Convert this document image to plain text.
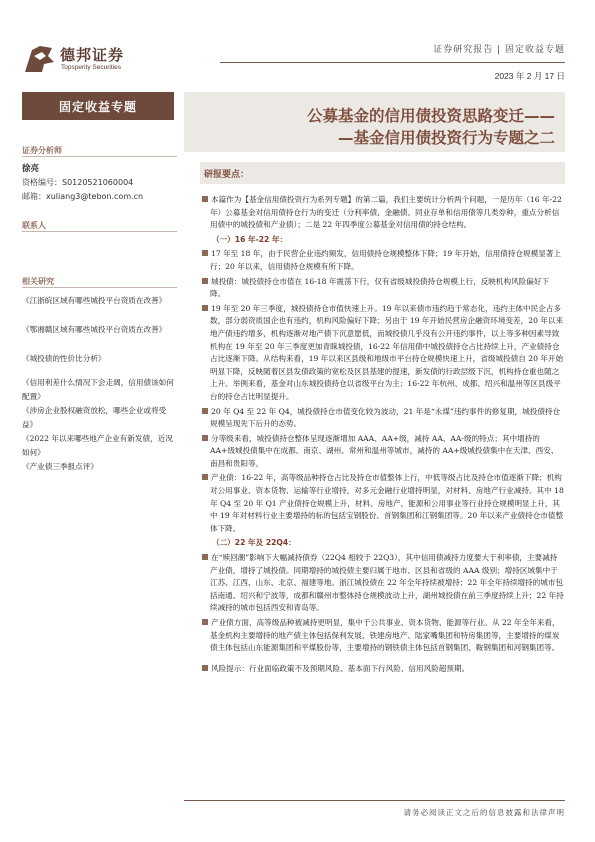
德邦证券
Topsperity Securities
证券研究报告 | 固定收益专题
2023 年 2 月 17 日
固定收益专题
证券分析师
徐亮
资格编号：S0120521060004
邮箱：xuliang3@tebon.com.cn
联系人
相关研究
《江浙皖区域有哪些城投平台资质在改善》
《鄂湘赣区域有哪些城投平台资质在改善》
《城投债的性价比分析》
《信用利差什么情况下会走阔，信用债该如何配置》
《涉房企业股权融资放松，哪些企业或将受益》
《2022 年以来哪些地产企业有新发债，近况如何》
《产业债三季报点评》
公募基金的信用债投资思路变迁——
—基金信用债投资行为专题之二
研报要点：

本篇作为【基金信用债投资行为系列专题】的第二篇，我们主要统计分析两个问题，一是历年（16 年-22 年）公募基金对信用债持仓行为的变迁（分利率债、金融债、同业存单和信用债等几类券种，重点分析信用债中的城投债和产业债）；二是 22 年四季度公募基金对信用债的持仓结构。

（一）16 年-22 年：

17 年至 18 年，由于民营企业违约频发，信用债持仓规模整体下降；19 年开始，信用债持仓规模显著上行；20 年以来，信用债持仓规模有所下降。

城投债：城投债持仓市值在 16-18 年震荡下行，仅有省级城投债持仓规模上行，反映机构风险偏好下降。

19 年至 20 年三季度，城投债持仓市值快速上升。19 年以来债市违约趋于常态化，违约主体中民企占多数，部分弱资质国企也有违约，机构风险偏好下降；另由于 19 年开始民营房企融资环境变差，20 年以来地产债违约增多，机构逐渐对地产债下沉意愿低，而城投债几乎没有公开违约事件，以上等多种因素导致机构在 19 年至 20 年三季度更加青睐城投债，16-22 年信用债中城投债持仓占比持续上升，产业债持仓占比逐渐下降。从结构来看，19 年以来区县级和地级市平台持仓规模快速上升，省级城投债自 20 年开始明显下降，反映随着区县发债政策的宽松及区县基建的提速，新发债的行政层级下沉，机构持仓重也随之上升。举例来看，基金对山东城投债持仓以省级平台为主；16-22 年杭州、成都、绍兴和温州等区县级平台的持仓占比明显提升。

20 年 Q4 至 22 年 Q4，城投债持仓市值变化较为波动，21 年是“永煤”违约事件的修复期，城投债持仓规模呈现先下后升的态势。

分等级来看，城投债持仓整体呈现逐渐增加 AAA、AA+级，减持 AA、AA-级的特点；其中增持的 AA+级城投债集中在成都、南京、湖州、常州和温州等城市，减持的 AA+级城投债集中在天津、西安、南昌和贵阳等。

产业债：16-22 年，高等级品种持仓占比及持仓市值整体上行，中低等级占比及持仓市值逐渐下降；机构对公用事业、资本货物、运输等行业增持，对多元金融行业增持明显，对材料、房地产行业减持。其中 18 年 Q4 至 20 年 Q1 产业债持仓规模上升，材料、房地产、能源和公用事业等行业持仓规模明显上升，其中 19 年对材料行业主要增持的标的包括宝钢股份、首钢集团和江钢集团等。20 年以来产业债持仓市值整体下降。

（二）22 年及 22Q4：

在“赎回潮”影响下大幅减持债券（22Q4 相较于 22Q3），其中信用债减持力度要大于利率债，主要减持产业债，增持了城投债。同期增持的城投债主要归属于地市、区县和省级的 AAA 级别；增持区域集中于江苏、江西、山东、北京、福建等地。浙江城投债在 22 年全年持续被增持；22 年全年持续增持的城市包括南通、绍兴和宁波等，成都和赣州市整体持仓规模波动上升，湖州城投债在前三季度持续上升；22 年持续减持的城市包括西安和青岛等。

产业债方面，高等级品种被减持更明显，集中于公共事业、资本货物、能源等行业。从 22 年全年来看，基金机构主要增持的地产债主体包括保利发展、铁建房地产、陆家嘴集团和特房集团等，主要增持的煤炭债主体包括山东能源集团和平煤股份等，主要增持的钢铁债主体包括首钢集团、鞍钢集团和河钢集团等。

风险提示：行业面临政策不及预期风险、基本面下行风险、信用风险超预期。

请务必阅读正文之后的信息披露和法律声明
